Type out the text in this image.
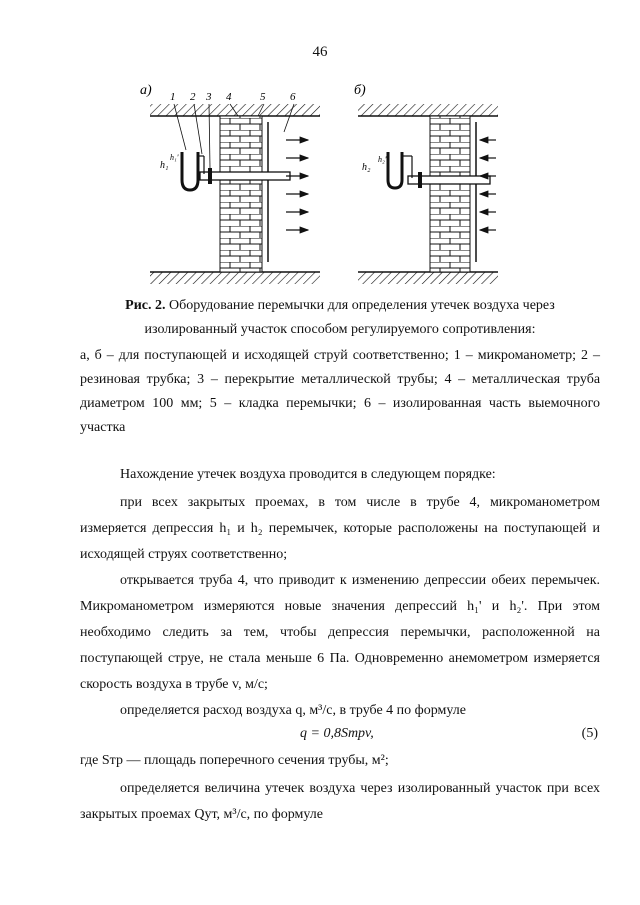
46
а) 1 2 3 4	5 6
h₁
h₁'
б)
h₂
h₂'
Рис. 2. Оборудование перемычки для определения утечек воздуха через изолированный участок способом регулируемого сопротивления:
а, б – для поступающей и исходящей струй соответственно; 1 – микроманометр; 2 – резиновая трубка; 3 – перекрытие металлической трубы; 4 – металлическая труба диаметром 100 мм; 5 – кладка перемычки; 6 – изолированная часть выемочного участка
Нахождение утечек воздуха проводится в следующем порядке:
при всех закрытых проемах, в том числе в трубе 4, микроманометром измеряется депрессия h₁ и h₂ перемычек, которые расположены на поступающей и исходящей струях соответственно;
открывается труба 4, что приводит к изменению депрессии обеих перемычек. Микроманометром измеряются новые значения депрессий h₁' и h₂'. При этом необходимо следить за тем, чтобы депрессия перемычки, расположенной на поступающей струе, не стала меньше 6 Па. Одновременно анемометром измеряется скорость воздуха в трубе v, м/с;
определяется расход воздуха q, м³/с, в трубе 4 по формуле
q = 0,8Sтрv,	(5)
где Sтр — площадь поперечного сечения трубы, м²;
определяется величина утечек воздуха через изолированный участок при всех закрытых проемах Qут, м³/с, по формуле
